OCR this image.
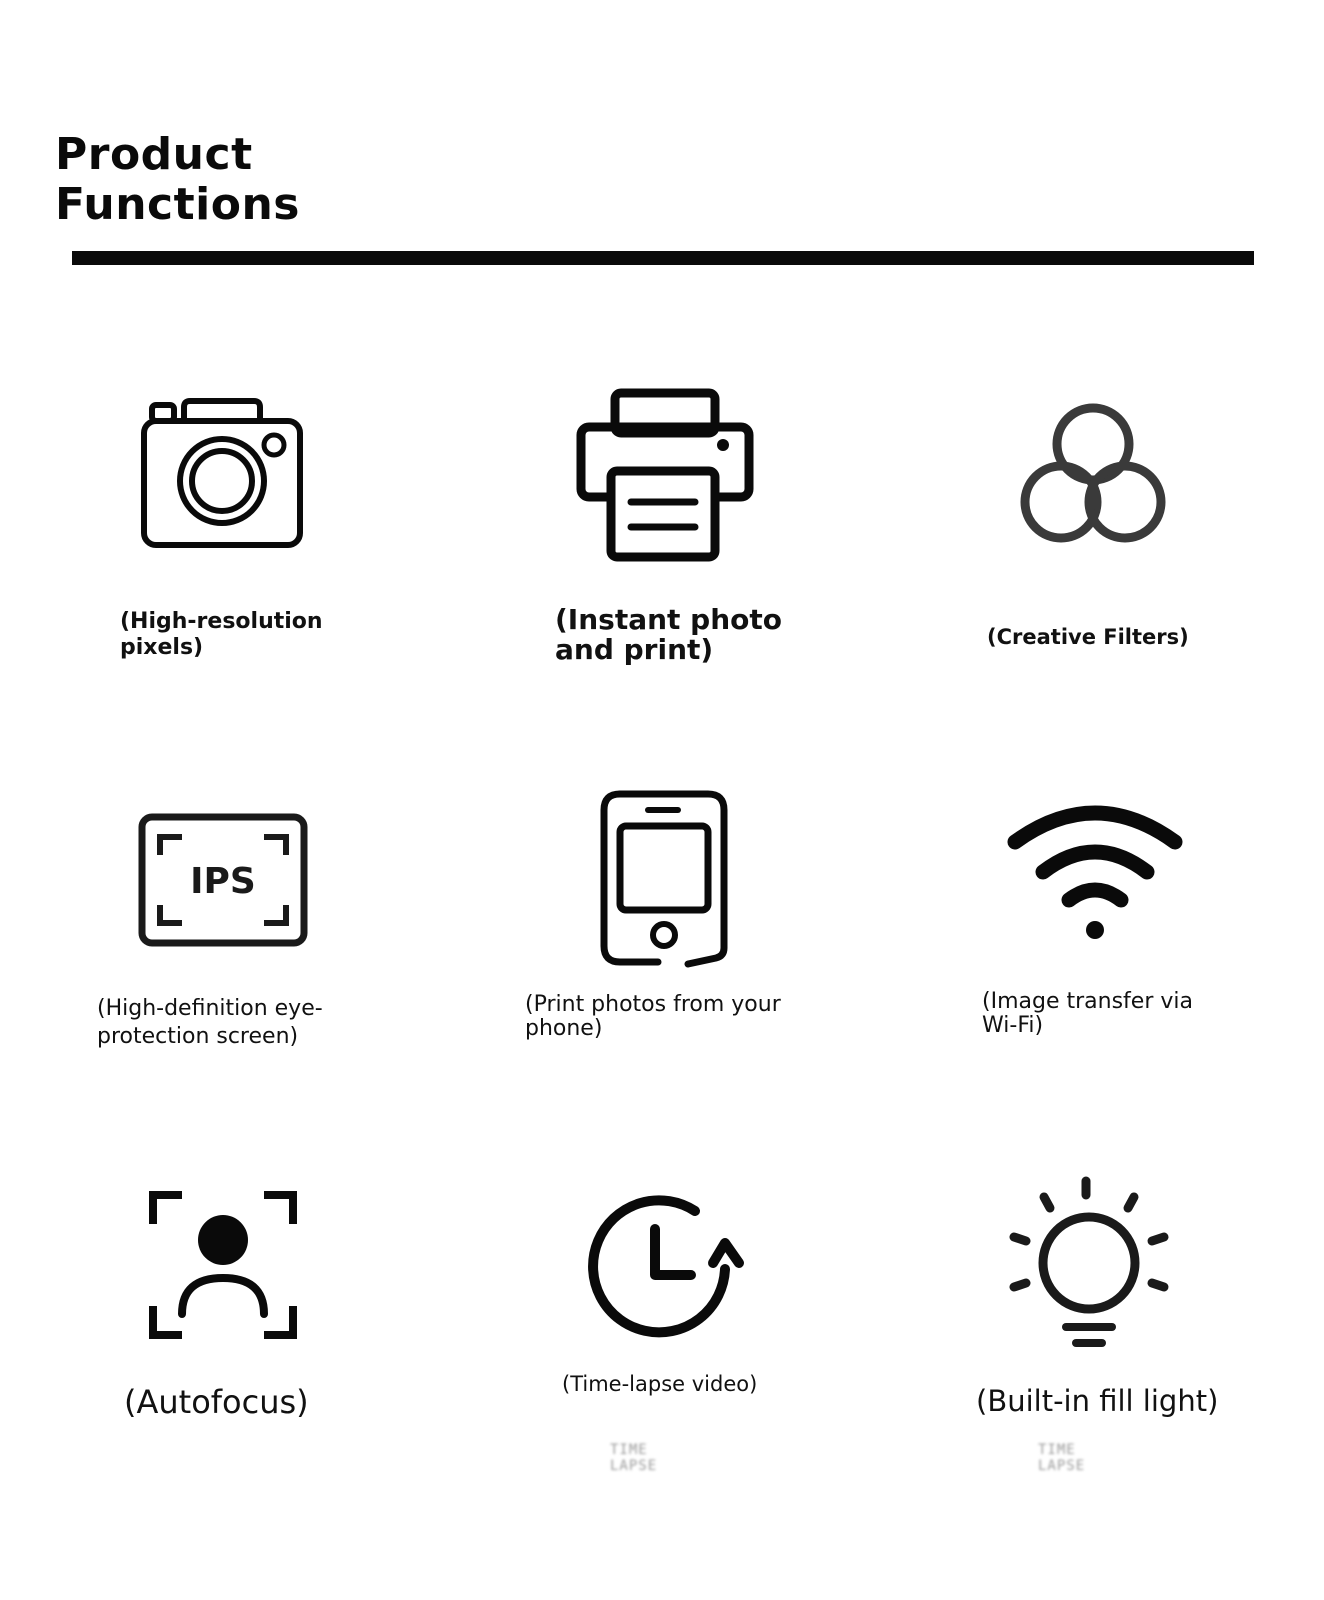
Product
Functions

(High-resolution
pixels)

(Instant photo
and print)	(Creative Filters)

IPS

(High-definition eye-
protection screen)

(Print photos from your
phone)

(Image transfer via
Wi-Fi)

(Autofocus)	(Time-lapse video)

TIME LAPSE

(Built-in fill light)

TIME LAPSE
